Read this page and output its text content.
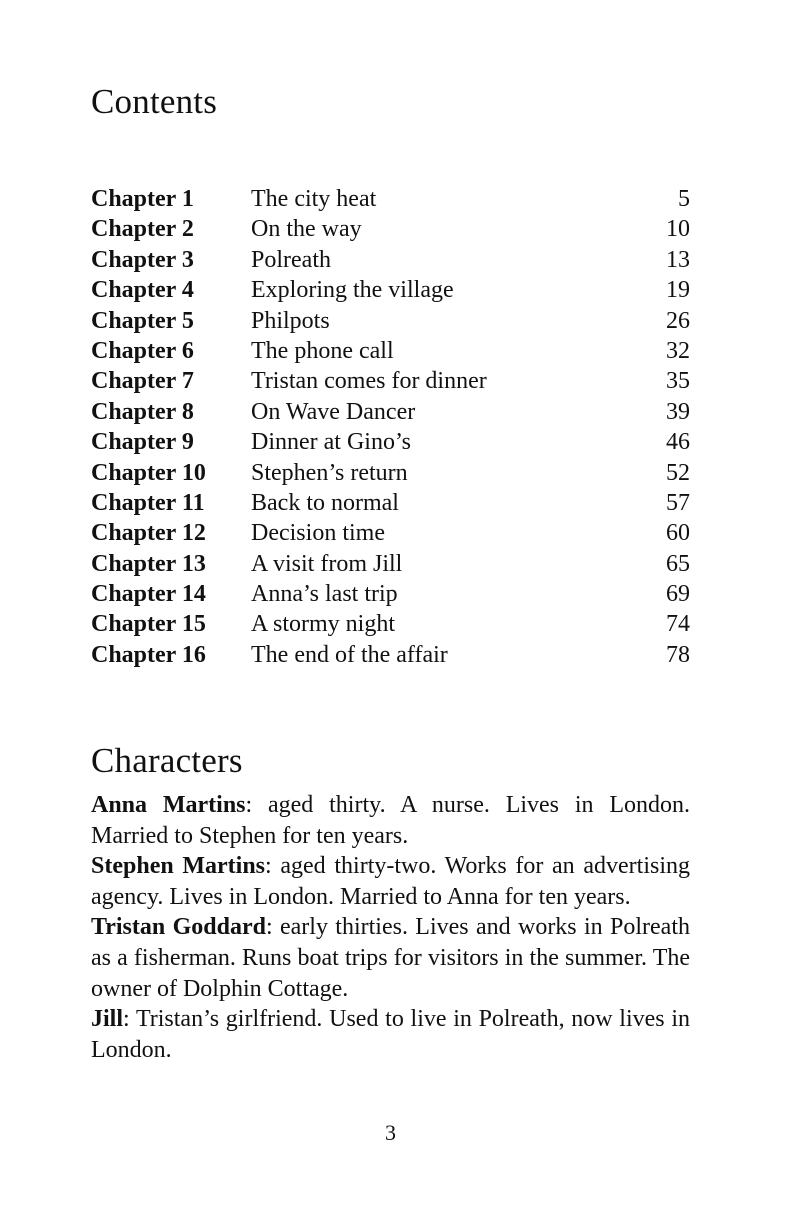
Contents
Chapter 1	The city heat	5
Chapter 2	On the way	10
Chapter 3	Polreath	13
Chapter 4	Exploring the village	19
Chapter 5	Philpots	26
Chapter 6	The phone call	32
Chapter 7	Tristan comes for dinner	35
Chapter 8	On Wave Dancer	39
Chapter 9	Dinner at Gino’s	46
Chapter 10	Stephen’s return	52
Chapter 11	Back to normal	57
Chapter 12	Decision time	60
Chapter 13	A visit from Jill	65
Chapter 14	Anna’s last trip	69
Chapter 15	A stormy night	74
Chapter 16	The end of the affair	78
Characters

Anna Martins: aged thirty. A nurse. Lives in London. Married to Stephen for ten years.

Stephen Martins: aged thirty-two. Works for an advertising agency. Lives in London. Married to Anna for ten years.

Tristan Goddard: early thirties. Lives and works in Polreath as a fisherman. Runs boat trips for visitors in the summer. The owner of Dolphin Cottage.

Jill: Tristan’s girlfriend. Used to live in Polreath, now lives in London.

3
